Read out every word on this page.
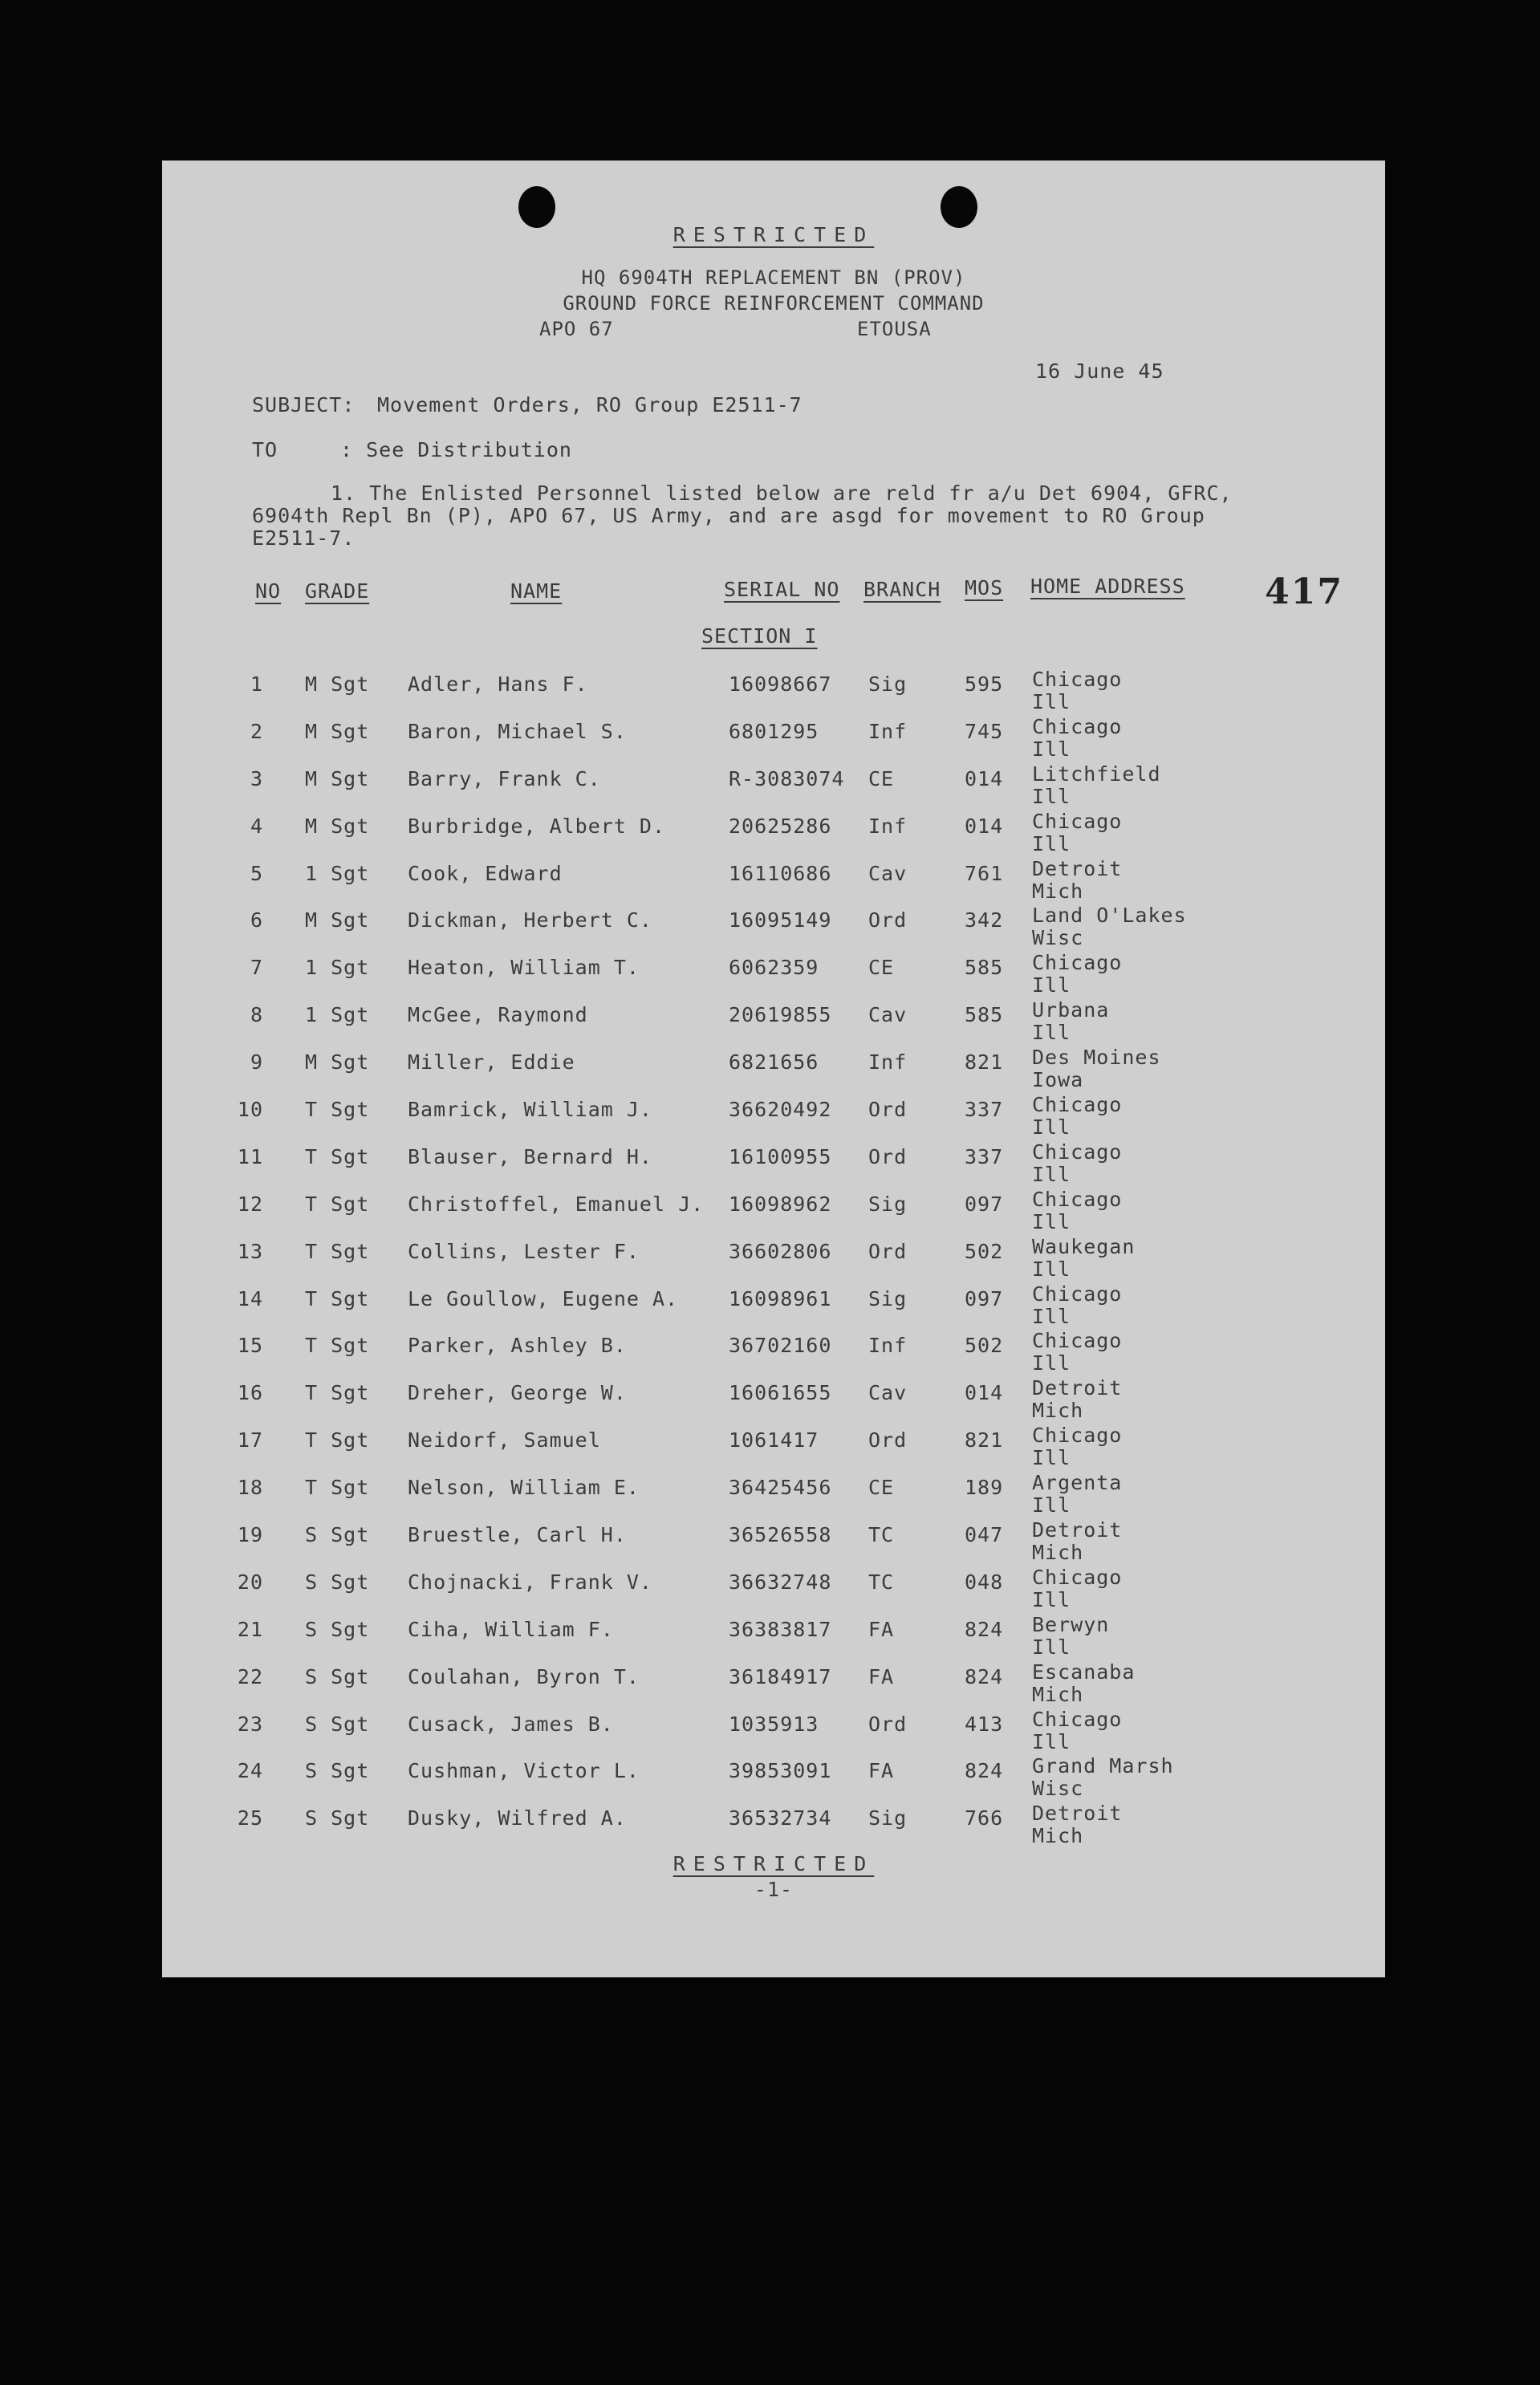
RESTRICTED
HQ 6904TH REPLACEMENT BN (PROV)
GROUND FORCE REINFORCEMENT COMMAND
APO 67	ETOUSA
16 June 45
SUBJECT: Movement Orders, RO Group E2511-7
TO	: See Distribution
1. The Enlisted Personnel listed below are reld fr a/u Det 6904, GFRC,
6904th Repl Bn (P), APO 67, US Army, and are asgd for movement to RO Group
E2511-7.
417
NO GRADE	NAME	SERIAL NO BRANCH MOS HOME ADDRESS
SECTION I
1 M Sgt Adler, Hans F.	16098667 Sig	595 Chicago
Ill
2 M Sgt Baron, Michael S.	6801295 Inf	745 Chicago
Ill
3 M Sgt Barry, Frank C.	R-3083074 CE	014 Litchfield
Ill
4 M Sgt Burbridge, Albert D.	20625286 Inf	014 Chicago
Ill
5 1 Sgt Cook, Edward	16110686 Cav	761 Detroit
Mich
6 M Sgt Dickman, Herbert C.	16095149 Ord	342 Land O'Lakes
Wisc
7 1 Sgt Heaton, William T.	6062359 CE	585 Chicago
Ill
8 1 Sgt McGee, Raymond	20619855 Cav	585 Urbana
Ill
9 M Sgt Miller, Eddie	6821656 Inf	821 Des Moines
Iowa
10 T Sgt Bamrick, William J.	36620492 Ord	337 Chicago
Ill
11 T Sgt Blauser, Bernard H.	16100955 Ord	337 Chicago
Ill
12 T Sgt Christoffel, Emanuel J. 16098962 Sig	097 Chicago
Ill
13 T Sgt Collins, Lester F.	36602806 Ord	502 Waukegan
Ill
14 T Sgt Le Goullow, Eugene A.	16098961 Sig	097 Chicago
Ill
15 T Sgt Parker, Ashley B.	36702160 Inf	502 Chicago
Ill
16 T Sgt Dreher, George W.	16061655 Cav	014 Detroit
Mich
17 T Sgt Neidorf, Samuel	1061417 Ord	821 Chicago
Ill
18 T Sgt Nelson, William E.	36425456 CE	189 Argenta
Ill
19 S Sgt Bruestle, Carl H.	36526558 TC	047 Detroit
Mich
20 S Sgt Chojnacki, Frank V.	36632748 TC	048 Chicago
Ill
21 S Sgt Ciha, William F.	36383817 FA	824 Berwyn
Ill
22 S Sgt Coulahan, Byron T.	36184917 FA	824 Escanaba
Mich
23 S Sgt Cusack, James B.	1035913 Ord	413 Chicago
Ill
24 S Sgt Cushman, Victor L.	39853091 FA	824 Grand Marsh
Wisc
25 S Sgt Dusky, Wilfred A.	36532734 Sig	766 Detroit
Mich
RESTRICTED
-1-
